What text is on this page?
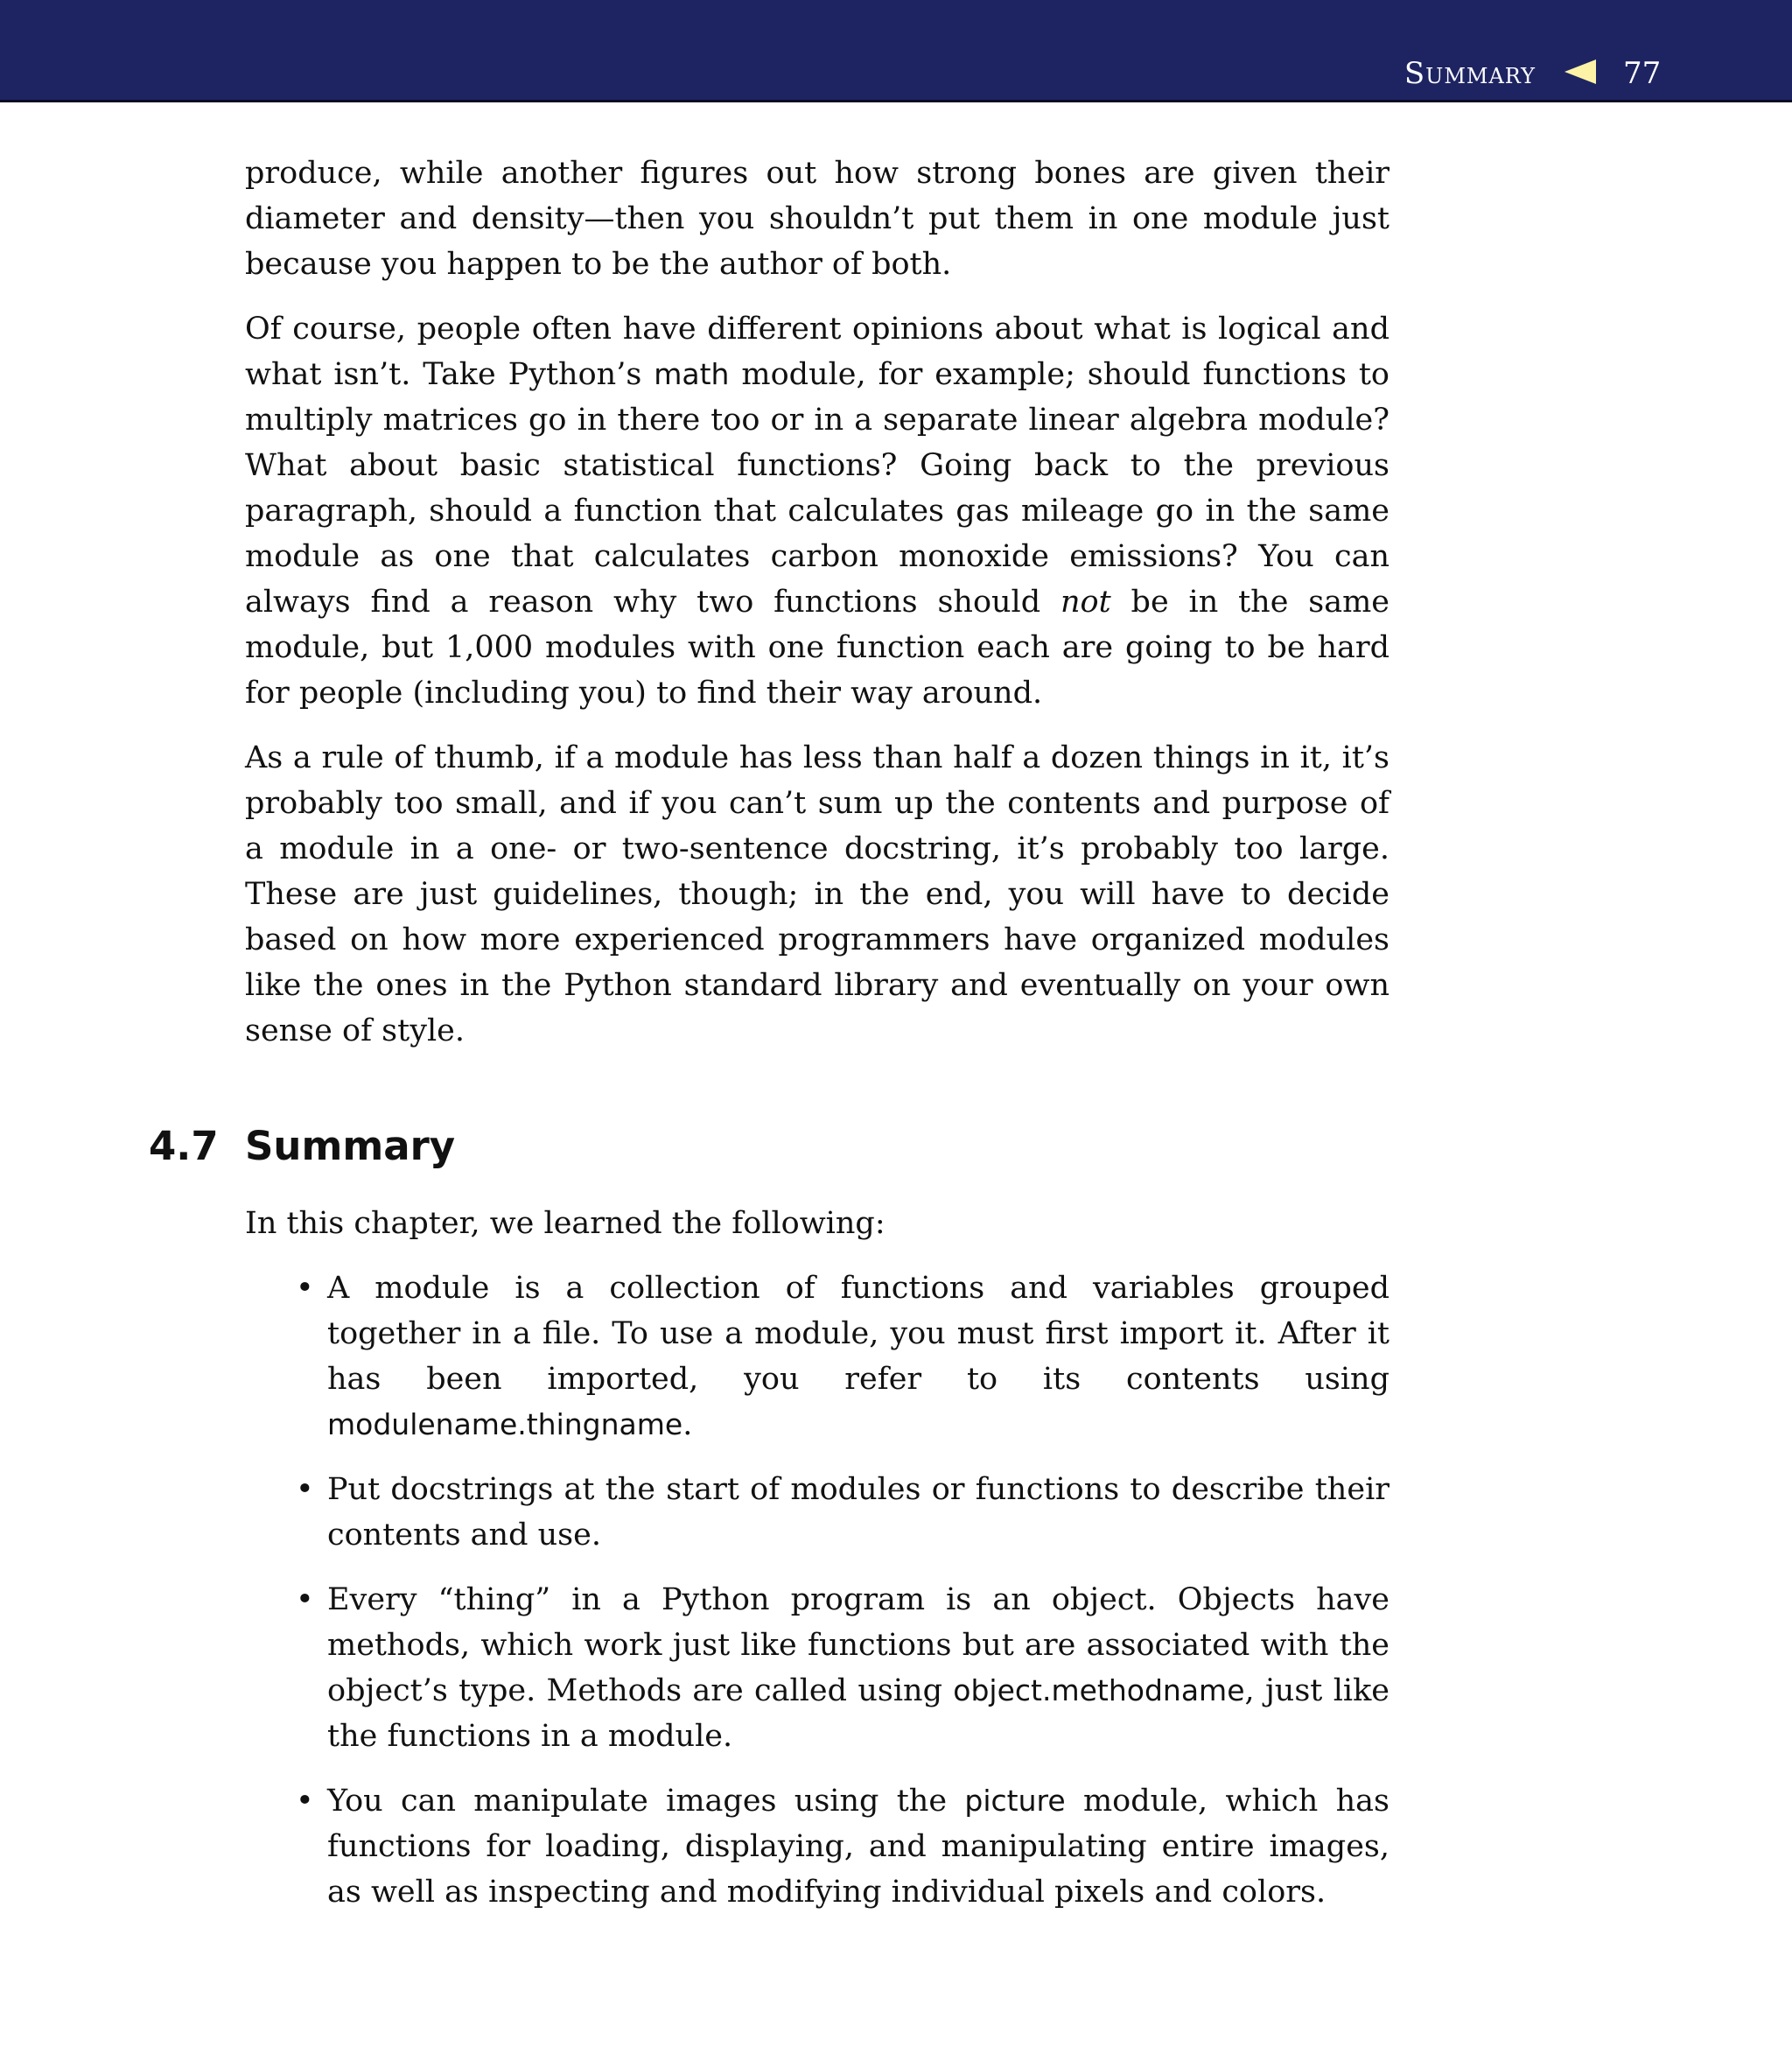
Summary	77

produce, while another figures out how strong bones are given their diameter and density—then you shouldn’t put them in one module just because you happen to be the author of both.

Of course, people often have different opinions about what is logical and what isn’t. Take Python’s math module, for example; should functions to multiply matrices go in there too or in a separate linear algebra module? What about basic statistical functions? Going back to the previous paragraph, should a function that calculates gas mileage go in the same module as one that calculates carbon monoxide emissions? You can always find a reason why two functions should not be in the same module, but 1,000 modules with one function each are going to be hard for people (including you) to find their way around.

As a rule of thumb, if a module has less than half a dozen things in it, it’s probably too small, and if you can’t sum up the contents and purpose of a module in a one- or two-sentence docstring, it’s probably too large. These are just guidelines, though; in the end, you will have to decide based on how more experienced programmers have organized modules like the ones in the Python standard library and eventually on your own sense of style.

4.7 Summary

In this chapter, we learned the following:

• A module is a collection of functions and variables grouped together in a file. To use a module, you must first import it. After it has been imported, you refer to its contents using modulename.thingname.
• Put docstrings at the start of modules or functions to describe their contents and use.
• Every “thing” in a Python program is an object. Objects have methods, which work just like functions but are associated with the object’s type. Methods are called using object.methodname, just like the functions in a module.
• You can manipulate images using the picture module, which has functions for loading, displaying, and manipulating entire images, as well as inspecting and modifying individual pixels and colors.
